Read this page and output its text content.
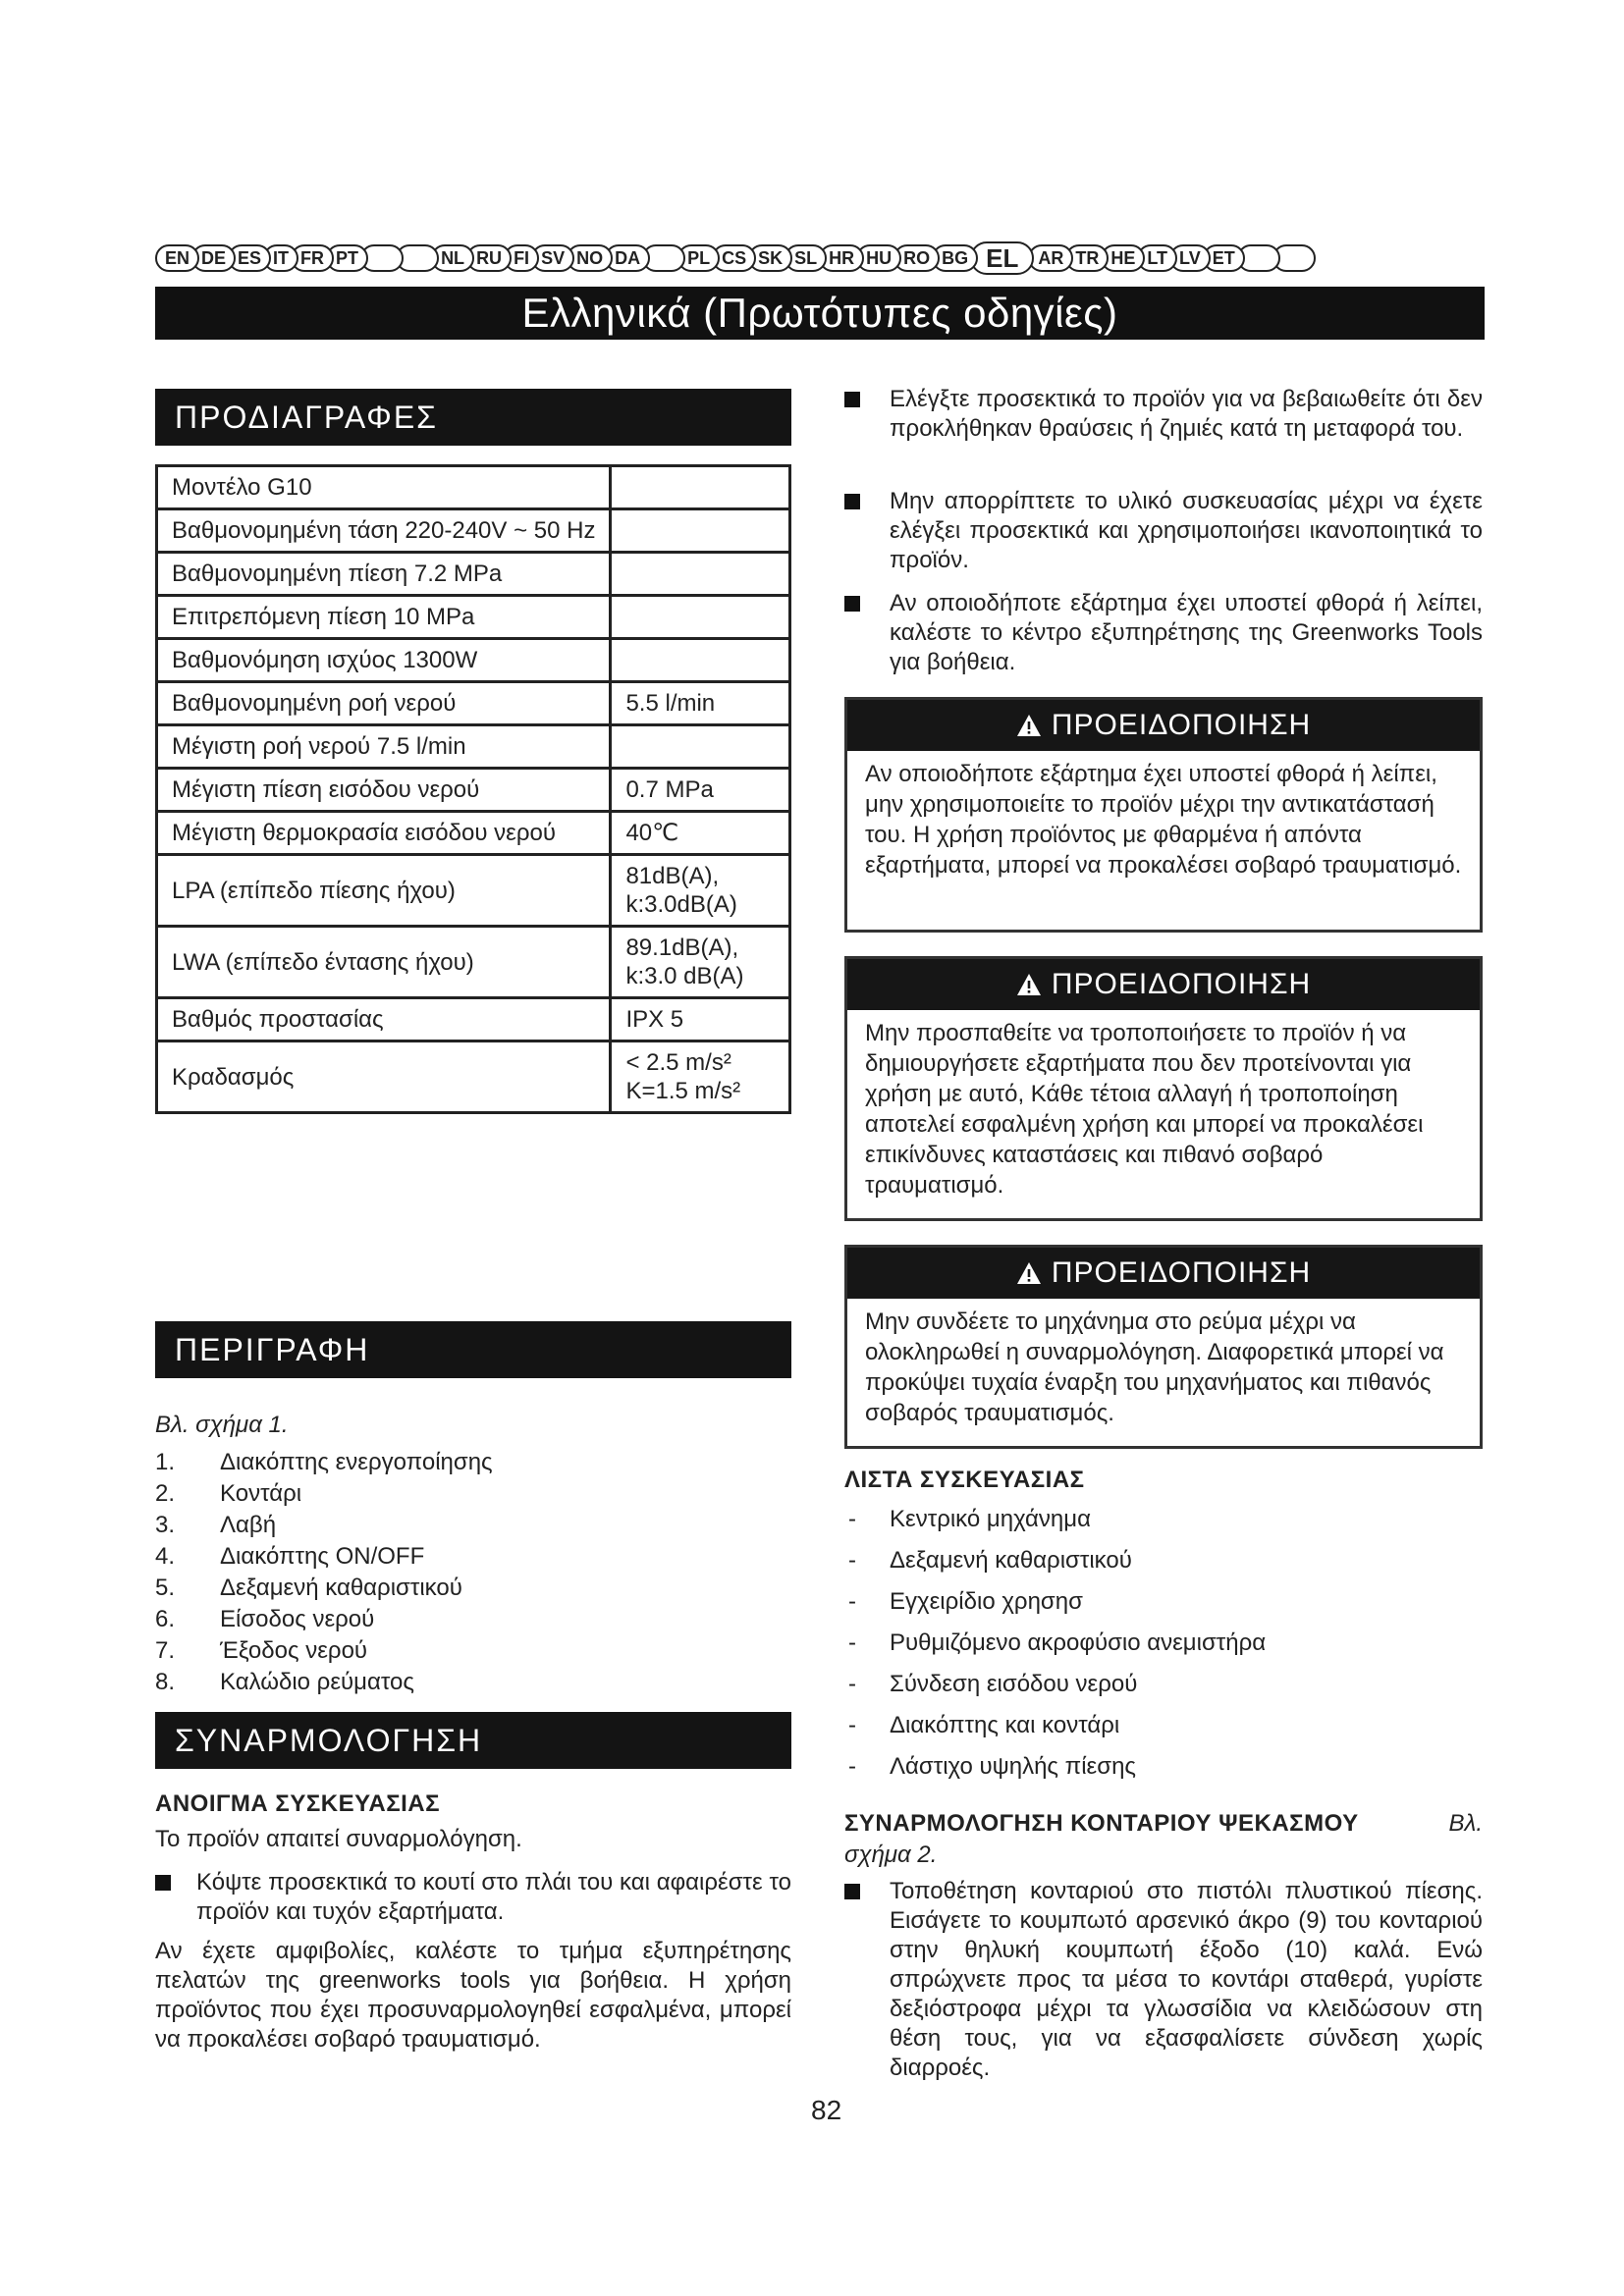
EN DE ES IT FR PT	NL RU FI SV NO DA	PL CS SK SL HR HU RO BG EL	AR TR HE LT LV ET
Ελληνικά (Πρωτότυπες οδηγίες)
ΠΡΟΔΙΑΓΡΑΦΕΣ
Μοντέλο G10	
Βαθμονομημένη τάση 220-240V ~ 50 Hz	
Βαθμονομημένη πίεση 7.2 MPa	
Επιτρεπόμενη πίεση 10 MPa	
Βαθμονόμηση ισχύος 1300W	
Βαθμονομημένη ροή νερού	5.5 l/min
Μέγιστη ροή νερού 7.5 l/min	
Μέγιστη πίεση εισόδου νερού	0.7 MPa
Μέγιστη θερμοκρασία εισόδου νερού	40℃
LPA (επίπεδο πίεσης ήχου)	81dB(A), k:3.0dB(A)
LWA (επίπεδο έντασης ήχου)	89.1dB(A), k:3.0 dB(A)
Βαθμός προστασίας	IPX 5
Κραδασμός	< 2.5 m/s² K=1.5 m/s²
ΠΕΡΙΓΡΑΦΗ
Βλ. σχήμα 1.
1.	Διακόπτης ενεργοποίησης
2.	Κοντάρι
3.	Λαβή
4.	Διακόπτης ON/OFF
5.	Δεξαμενή καθαριστικού
6.	Είσοδος νερού
7.	Έξοδος νερού
8.	Καλώδιο ρεύματος
ΣΥΝΑΡΜΟΛΟΓΗΣΗ
ΑΝΟΙΓΜΑ ΣΥΣΚΕΥΑΣΙΑΣ
Το προϊόν απαιτεί συναρμολόγηση.
Κόψτε προσεκτικά το κουτί στο πλάι του και αφαιρέστε το προϊόν και τυχόν εξαρτήματα.
Αν έχετε αμφιβολίες, καλέστε το τμήμα εξυπηρέτησης πελατών της greenworks tools για βοήθεια. Η χρήση προϊόντος που έχει προσυναρμολογηθεί εσφαλμένα, μπορεί να προκαλέσει σοβαρό τραυματισμό.
Ελέγξτε προσεκτικά το προϊόν για να βεβαιωθείτε ότι δεν προκλήθηκαν θραύσεις ή ζημιές κατά τη μεταφορά του.
Μην απορρίπτετε το υλικό συσκευασίας μέχρι να έχετε ελέγξει προσεκτικά και χρησιμοποιήσει ικανοποιητικά το προϊόν.
Αν οποιοδήποτε εξάρτημα έχει υποστεί φθορά ή λείπει, καλέστε το κέντρο εξυπηρέτησης της Greenworks Tools για βοήθεια.
ΠΡΟΕΙΔΟΠΟΙΗΣΗ
Αν οποιοδήποτε εξάρτημα έχει υποστεί φθορά ή λείπει, μην χρησιμοποιείτε το προϊόν μέχρι την αντικατάστασή του. Η χρήση προϊόντος με φθαρμένα ή απόντα εξαρτήματα, μπορεί να προκαλέσει σοβαρό τραυματισμό.
ΠΡΟΕΙΔΟΠΟΙΗΣΗ
Μην προσπαθείτε να τροποποιήσετε το προϊόν ή να δημιουργήσετε εξαρτήματα που δεν προτείνονται για χρήση με αυτό, Κάθε τέτοια αλλαγή ή τροποποίηση αποτελεί εσφαλμένη χρήση και μπορεί να προκαλέσει επικίνδυνες καταστάσεις και πιθανό σοβαρό τραυματισμό.
ΠΡΟΕΙΔΟΠΟΙΗΣΗ
Μην συνδέετε το μηχάνημα στο ρεύμα μέχρι να ολοκληρωθεί η συναρμολόγηση. Διαφορετικά μπορεί να προκύψει τυχαία έναρξη του μηχανήματος και πιθανός σοβαρός τραυματισμός.
ΛΙΣΤΑ ΣΥΣΚΕΥΑΣΙΑΣ
-	Κεντρικό μηχάνημα
-	Δεξαμενή καθαριστικού
-	Εγχειρίδιο χρησησ
-	Ρυθμιζόμενο ακροφύσιο ανεμιστήρα
-	Σύνδεση εισόδου νερού
-	Διακόπτης και κοντάρι
-	Λάστιχο υψηλής πίεσης
ΣΥΝΑΡΜΟΛΟΓΗΣΗ ΚΟΝΤΑΡΙΟΥ ΨΕΚΑΣΜΟΥ	Βλ.
σχήμα 2.
Τοποθέτηση κονταριού στο πιστόλι πλυστικού πίεσης. Εισάγετε το κουμπωτό αρσενικό άκρο (9) του κονταριού στην θηλυκή κουμπωτή έξοδο (10) καλά. Ενώ σπρώχνετε προς τα μέσα το κοντάρι σταθερά, γυρίστε δεξιόστροφα μέχρι τα γλωσσίδια να κλειδώσουν στη θέση τους, για να εξασφαλίσετε σύνδεση χωρίς διαρροές.
82
